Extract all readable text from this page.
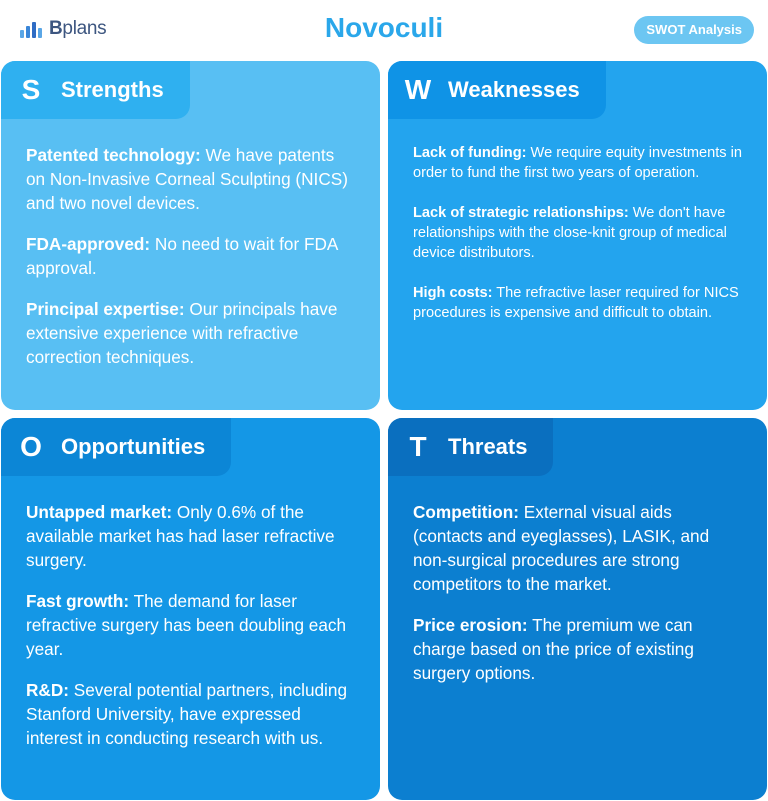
Bplans	Novoculi	SWOT Analysis
S Strengths

Patented technology: We have patents on Non-Invasive Corneal Sculpting (NICS) and two novel devices.

FDA-approved: No need to wait for FDA approval.

Principal expertise: Our principals have extensive experience with refractive correction techniques.

W Weaknesses

Lack of funding: We require equity investments in order to fund the first two years of operation.

Lack of strategic relationships: We don't have relationships with the close-knit group of medical device distributors.

High costs: The refractive laser required for NICS procedures is expensive and difficult to obtain.

O Opportunities

Untapped market: Only 0.6% of the available market has had laser refractive surgery.

Fast growth: The demand for laser refractive surgery has been doubling each year.

R&D: Several potential partners, including Stanford University, have expressed interest in conducting research with us.

T Threats

Competition: External visual aids (contacts and eyeglasses), LASIK, and non-surgical procedures are strong competitors to the market.

Price erosion: The premium we can charge based on the price of existing surgery options.
